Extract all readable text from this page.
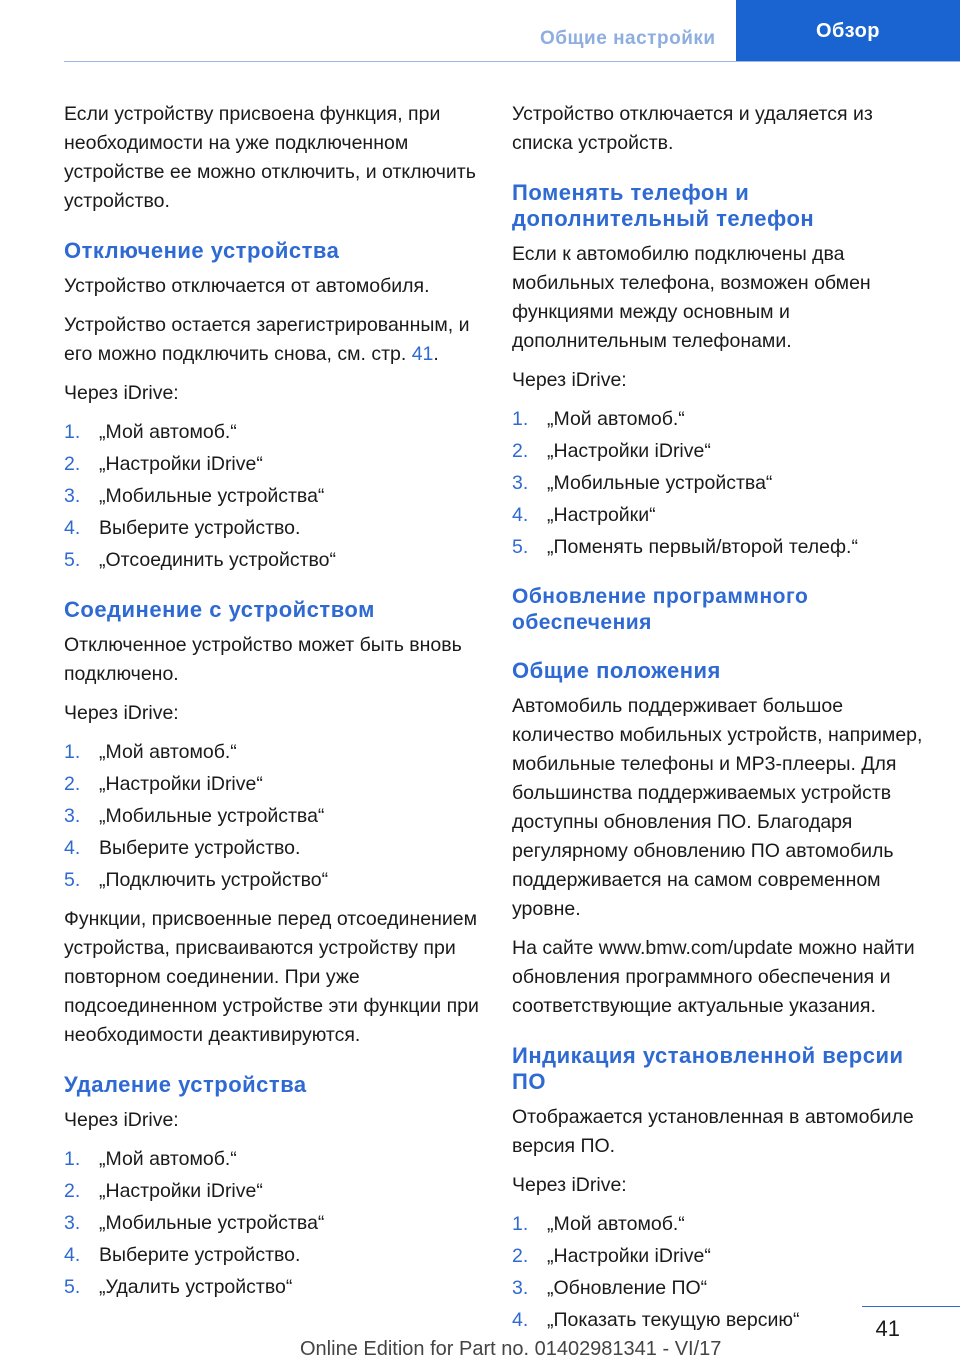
Общие настройки	Обзор

Если устройству присвоена функция, при необходимости на уже подключенном устройстве ее можно отключить, и отключить устройство.

Отключение устройства

Устройство отключается от автомобиля.

Устройство остается зарегистрированным, и его можно подключить снова, см. стр. 41.

Через iDrive:

1. „Мой автомоб.“
2. „Настройки iDrive“
3. „Мобильные устройства“
4. Выберите устройство.
5. „Отсоединить устройство“
Соединение с устройством

Отключенное устройство может быть вновь подключено.

Через iDrive:

1. „Мой автомоб.“
2. „Настройки iDrive“
3. „Мобильные устройства“
4. Выберите устройство.
5. „Подключить устройство“

Функции, присвоенные перед отсоединением устройства, присваиваются устройству при повторном соединении. При уже подсоединенном устройстве эти функции при необходимости деактивируются.

Удаление устройства

Через iDrive:

1. „Мой автомоб.“
2. „Настройки iDrive“
3. „Мобильные устройства“
4. Выберите устройство.
5. „Удалить устройство“

Устройство отключается и удаляется из списка устройств.

Поменять телефон и дополнительный телефон

Если к автомобилю подключены два мобильных телефона, возможен обмен функциями между основным и дополнительным телефонами.

Через iDrive:

1. „Мой автомоб.“
2. „Настройки iDrive“
3. „Мобильные устройства“
4. „Настройки“
5. „Поменять первый/второй телеф.“
Обновление программного обеспечения
Общие положения

Автомобиль поддерживает большое количество мобильных устройств, например, мобильные телефоны и MP3-плееры. Для большинства поддерживаемых устройств доступны обновления ПО. Благодаря регулярному обновлению ПО автомобиль поддерживается на самом современном уровне.

На сайте www.bmw.com/update можно найти обновления программного обеспечения и соответствующие актуальные указания.

Индикация установленной версии ПО

Отображается установленная в автомобиле версия ПО.

Через iDrive:

1. „Мой автомоб.“
2. „Настройки iDrive“
3. „Обновление ПО“
4. „Показать текущую версию“	41
Online Edition for Part no. 01402981341 - VI/17
